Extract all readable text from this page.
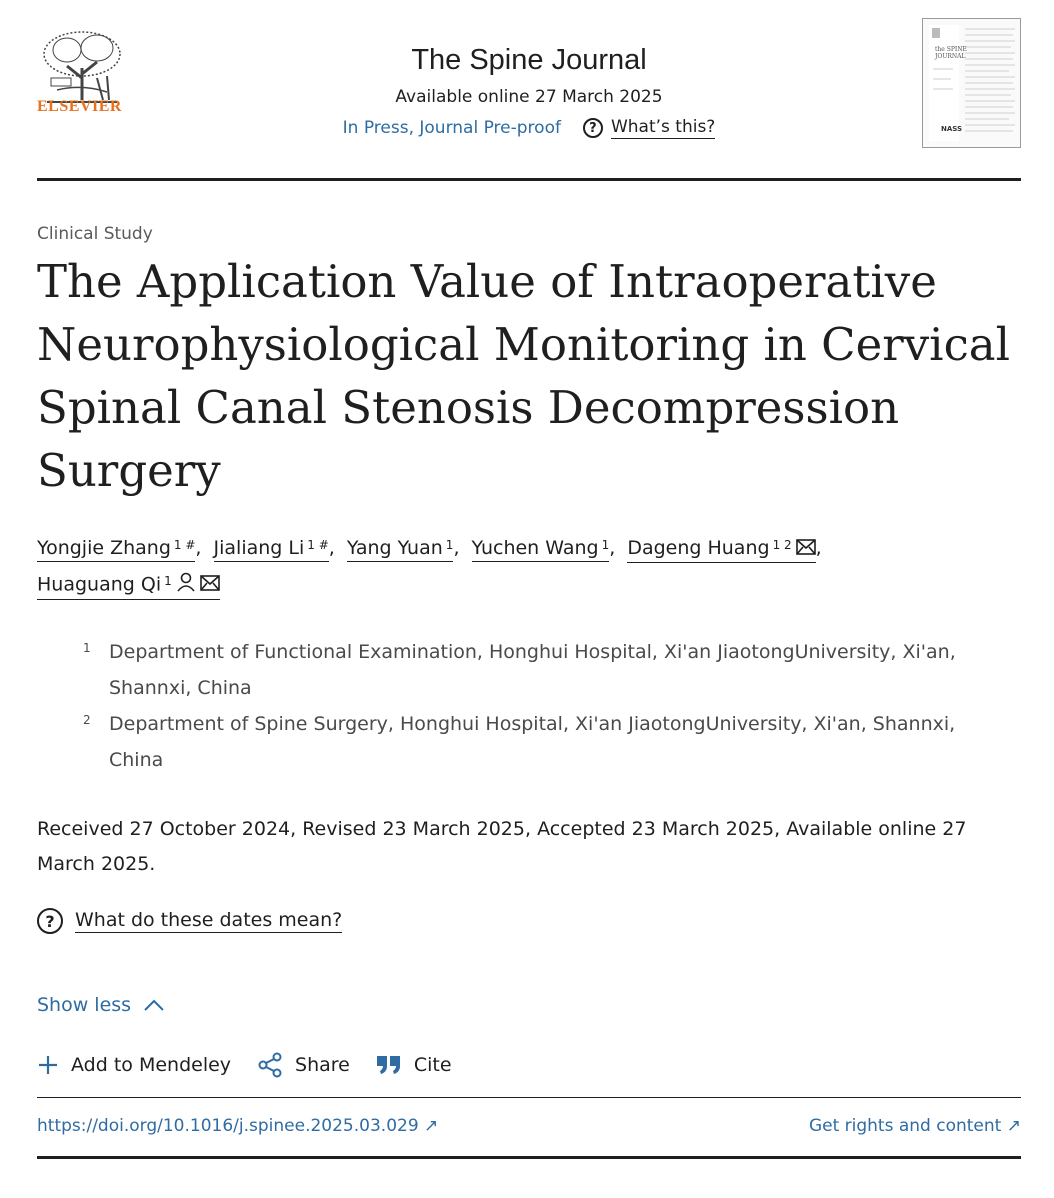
ELSEVIER
The Spine Journal
Available online 27 March 2025
In Press, Journal Pre-proof	? What’s this?
the SPINE
JOURNAL
NASS
Clinical Study
The Application Value of Intraoperative Neurophysiological Monitoring in Cervical Spinal Canal Stenosis Decompression Surgery
Yongjie Zhang $^{1 \#}$, Jialiang Li $^{1 \#}$, Yang Yuan $^1$, Yuchen Wang $^1$, Dageng Huang $^{1 2}$ ,
Huaguang Qi $^1$
1 Department of Functional Examination, Honghui Hospital, Xi'an JiaotongUniversity, Xi'an, Shannxi, China
2 Department of Spine Surgery, Honghui Hospital, Xi'an JiaotongUniversity, Xi'an, Shannxi, China
Received 27 October 2024, Revised 23 March 2025, Accepted 23 March 2025, Available online 27 March 2025.
?	What do these dates mean?
Show less
Add to Mendeley	Share	Cite
https://doi.org/10.1016/j.spinee.2025.03.029 ↗	Get rights and content ↗
